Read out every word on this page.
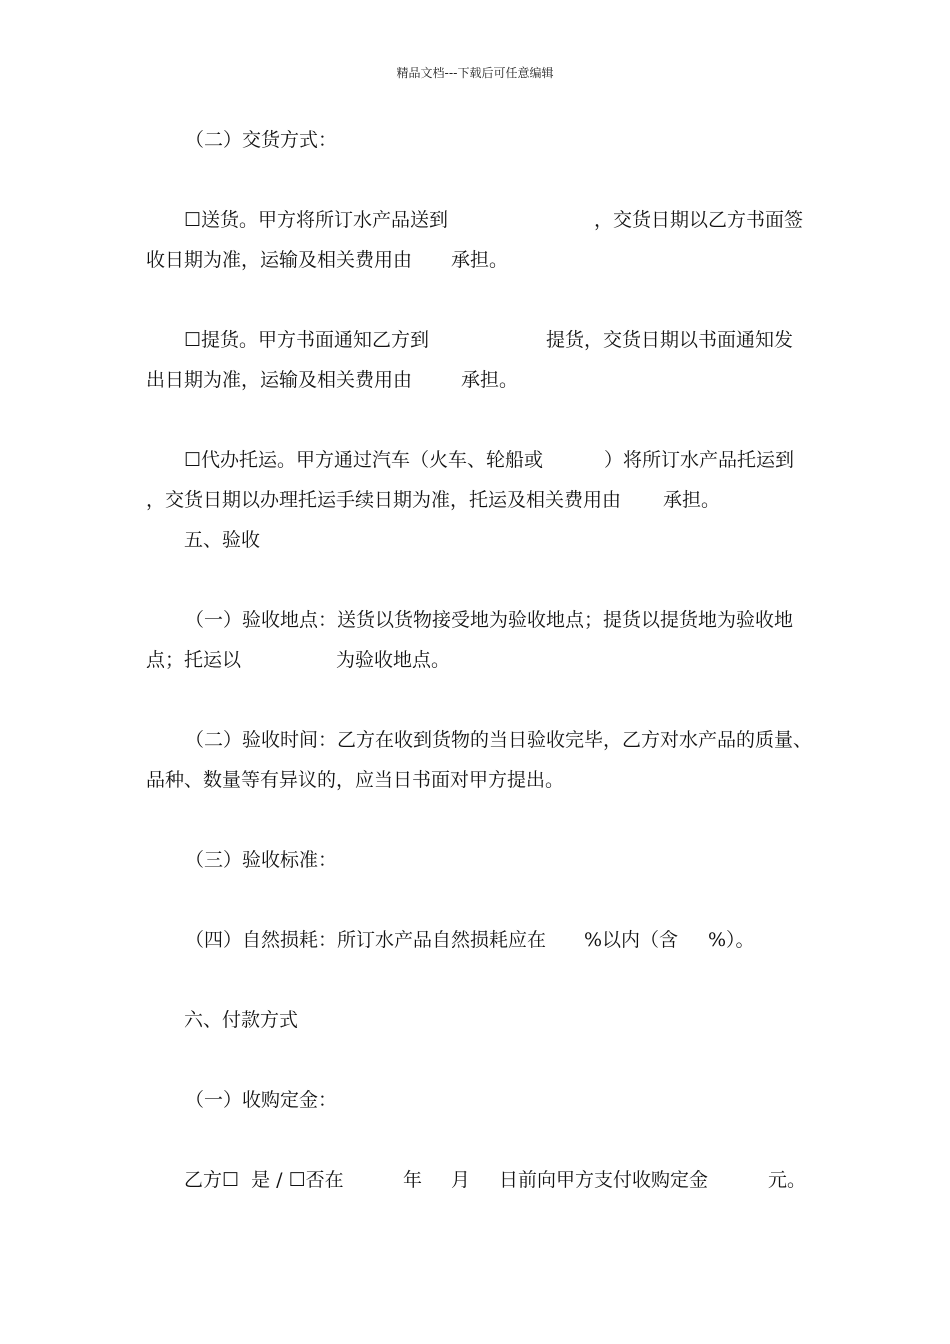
精品文档---下载后可任意编辑
（二）交货方式：
☐送货。甲方将所订水产品送到	，交货日期以乙方书面签
收日期为准，运输及相关费用由 承担。
☐提货。甲方书面通知乙方到	提货，交货日期以书面通知发
出日期为准，运输及相关费用由	承担。
☐代办托运。甲方通过汽车（火车、轮船或	）将所订水产品托运到
，交货日期以办理托运手续日期为准，托运及相关费用由 承担。
五、验收
（一）验收地点：送货以货物接受地为验收地点；提货以提货地为验收地
点；托运以	为验收地点。
（二）验收时间：乙方在收到货物的当日验收完毕，乙方对水产品的质量、
品种、数量等有异议的，应当日书面对甲方提出。
（三）验收标准：
（四）自然损耗：所订水产品自然损耗应在 %以内（含 %）。
六、付款方式
（一）收购定金：
乙方☐  是 / ☐否在	年 月 日前向甲方支付收购定金	元。
